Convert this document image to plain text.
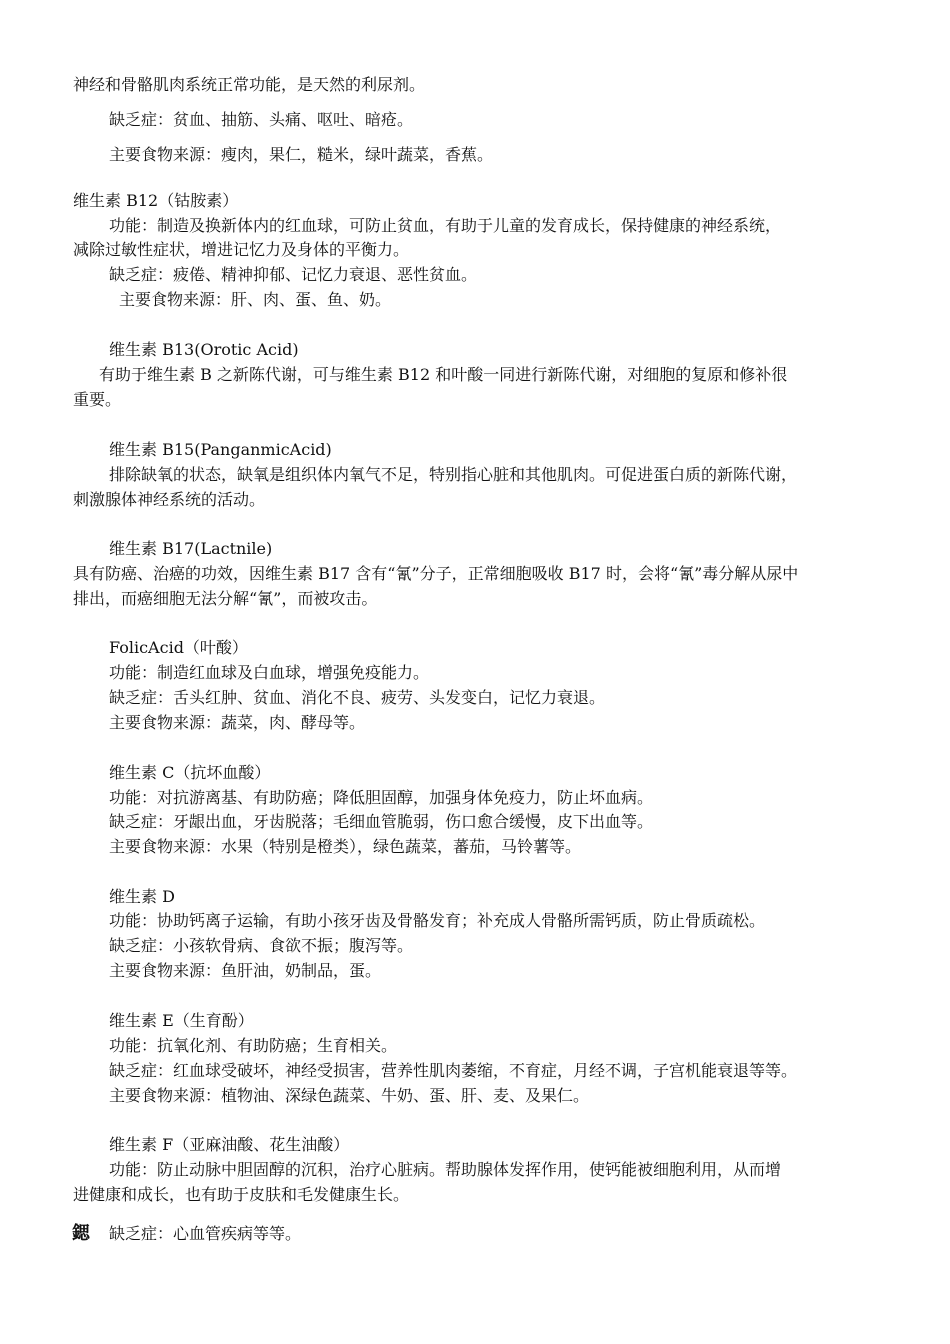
神经和骨骼肌肉系统正常功能，是天然的利尿剂。
缺乏症：贫血、抽筋、头痛、呕吐、暗疮。
主要食物来源：瘦肉，果仁，糙米，绿叶蔬菜，香蕉。
维生素 B12（钴胺素）
功能：制造及换新体内的红血球，可防止贫血，有助于儿童的发育成长，保持健康的神经系统，
减除过敏性症状，增进记忆力及身体的平衡力。
缺乏症：疲倦、精神抑郁、记忆力衰退、恶性贫血。
主要食物来源：肝、肉、蛋、鱼、奶。
维生素 B13(Orotic Acid)
有助于维生素 B 之新陈代谢，可与维生素 B12 和叶酸一同进行新陈代谢，对细胞的复原和修补很
重要。
维生素 B15(PanganmicAcid)
排除缺氧的状态，缺氧是组织体内氧气不足，特别指心脏和其他肌肉。可促进蛋白质的新陈代谢，
刺激腺体神经系统的活动。
维生素 B17(Lactnile)
具有防癌、治癌的功效，因维生素 B17 含有“氰”分子，正常细胞吸收 B17 时，会将“氰”毒分解从尿中
排出，而癌细胞无法分解“氰”，而被攻击。
FolicAcid（叶酸）
功能：制造红血球及白血球，增强免疫能力。
缺乏症：舌头红肿、贫血、消化不良、疲劳、头发变白，记忆力衰退。
主要食物来源：蔬菜，肉、酵母等。
维生素 C（抗坏血酸）
功能：对抗游离基、有助防癌；降低胆固醇，加强身体免疫力，防止坏血病。
缺乏症：牙龈出血，牙齿脱落；毛细血管脆弱，伤口愈合缓慢，皮下出血等。
主要食物来源：水果（特别是橙类），绿色蔬菜，蕃茄，马铃薯等。
维生素 D
功能：协助钙离子运输，有助小孩牙齿及骨骼发育；补充成人骨骼所需钙质，防止骨质疏松。
缺乏症：小孩软骨病、食欲不振；腹泻等。
主要食物来源：鱼肝油，奶制品，蛋。
维生素 E（生育酚）
功能：抗氧化剂、有助防癌；生育相关。
缺乏症：红血球受破坏，神经受损害，营养性肌肉萎缩，不育症，月经不调，子宫机能衰退等等。
主要食物来源：植物油、深绿色蔬菜、牛奶、蛋、肝、麦、及果仁。
维生素 F（亚麻油酸、花生油酸）
功能：防止动脉中胆固醇的沉积，治疗心脏病。帮助腺体发挥作用，使钙能被细胞利用，从而增
进健康和成长，也有助于皮肤和毛发健康生长。
鍶 缺乏症：心血管疾病等等。
